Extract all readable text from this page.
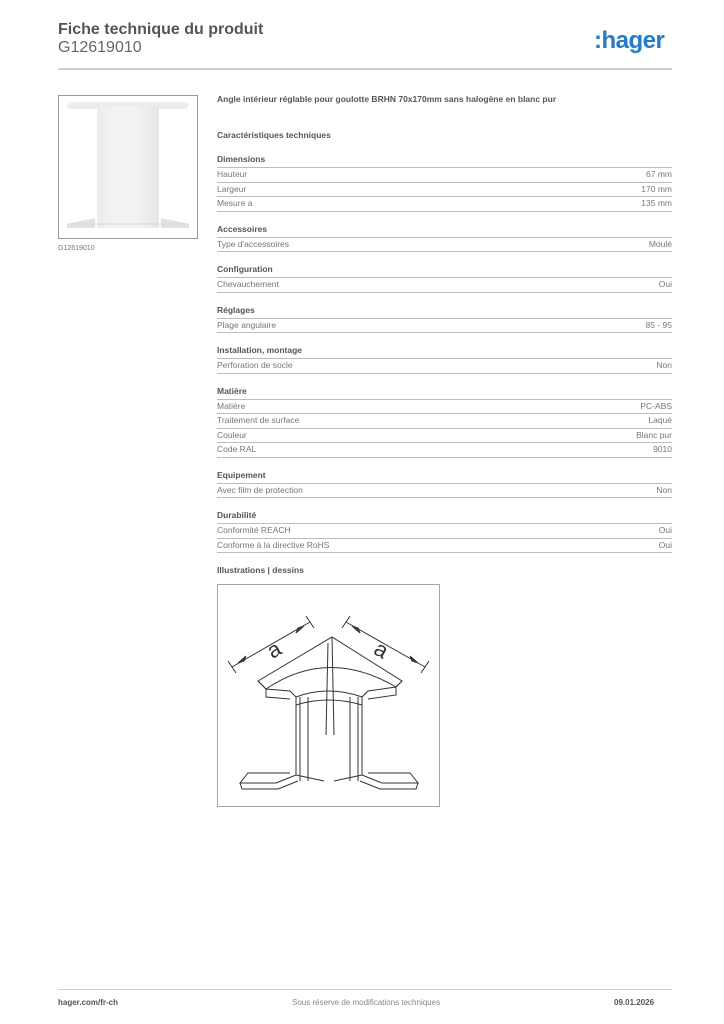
Fiche technique du produit
G12619010	:hager
G12619010
Angle intérieur réglable pour goulotte BRHN 70x170mm sans halogène en blanc pur
Caractéristiques techniques
Dimensions
Hauteur	67 mm
Largeur	170 mm
Mesure a	135 mm
Accessoires
Type d'accessoires	Moulé
Configuration
Chevauchement	Oui
Réglages
Plage angulaire	85 - 95
Installation, montage
Perforation de socle	Non
Matière
Matière	PC-ABS
Traitement de surface	Laqué
Couleur	Blanc pur
Code RAL	9010
Equipement
Avec film de protection	Non
Durabilité
Conformité REACH	Oui
Conforme à la directive RoHS	Oui
Illustrations | dessins
a	a
hager.com/fr-ch	Sous réserve de modifications techniques	09.01.2026
